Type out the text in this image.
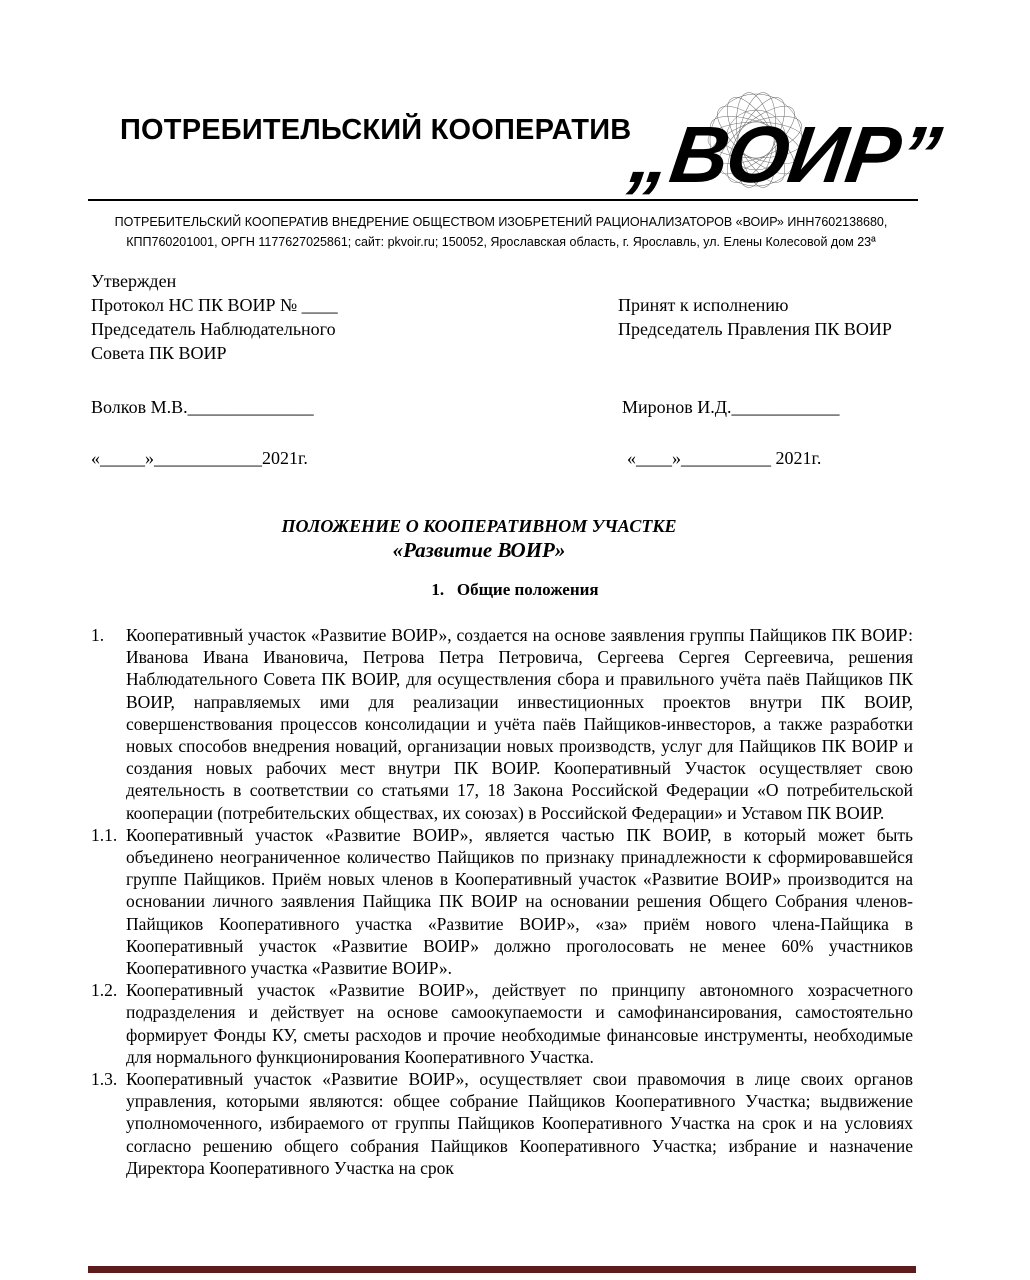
ПОТРЕБИТЕЛЬСКИЙ КООПЕРАТИВ
„ВОИР”
ПОТРЕБИТЕЛЬСКИЙ КООПЕРАТИВ ВНЕДРЕНИЕ ОБЩЕСТВОМ ИЗОБРЕТЕНИЙ РАЦИОНАЛИЗАТОРОВ «ВОИР» ИНН7602138680, КПП760201001, ОРГН 1177627025861; сайт: pkvoir.ru; 150052, Ярославская область, г. Ярославль, ул. Елены Колесовой дом 23ª
Утвержден
Протокол НС ПК ВОИР № ____
Председатель Наблюдательного
Совета ПК ВОИР
Принят к исполнению
Председатель Правления ПК ВОИР
Волков М.В.______________	Миронов И.Д.____________
«_____»____________2021г.	«____»__________ 2021г.
ПОЛОЖЕНИЕ О КООПЕРАТИВНОМ УЧАСТКЕ
«Развитие ВОИР»
1.   Общие положения
1.	Кооперативный участок «Развитие ВОИР», создается на основе заявления группы Пайщиков ПК ВОИР: Иванова Ивана Ивановича, Петрова Петра Петровича, Сергеева Сергея Сергеевича, решения Наблюдательного Совета ПК ВОИР, для осуществления сбора и правильного учёта паёв Пайщиков ПК ВОИР, направляемых ими для реализации инвестиционных проектов внутри ПК ВОИР, совершенствования процессов консолидации и учёта паёв Пайщиков-инвесторов, а также разработки новых способов внедрения новаций, организации новых производств, услуг для Пайщиков ПК ВОИР и создания новых рабочих мест внутри ПК ВОИР. Кооперативный Участок осуществляет свою деятельность в соответствии со статьями 17, 18 Закона Российской Федерации «О потребительской кооперации (потребительских обществах, их союзах) в Российской Федерации» и Уставом ПК ВОИР.
1.1. Кооперативный участок «Развитие ВОИР», является частью ПК ВОИР, в который может быть объединено неограниченное количество Пайщиков по признаку принадлежности к сформировавшейся группе Пайщиков. Приём новых членов в Кооперативный участок «Развитие ВОИР» производится на основании личного заявления Пайщика ПК ВОИР на основании решения Общего Собрания членов-Пайщиков Кооперативного участка «Развитие ВОИР», «за» приём нового члена-Пайщика в Кооперативный участок «Развитие ВОИР» должно проголосовать не менее 60% участников Кооперативного участка «Развитие ВОИР».
1.2. Кооперативный участок «Развитие ВОИР», действует по принципу автономного хозрасчетного подразделения и действует на основе самоокупаемости и самофинансирования, самостоятельно формирует Фонды КУ, сметы расходов и прочие необходимые финансовые инструменты, необходимые для нормального функционирования Кооперативного Участка.
1.3. Кооперативный участок «Развитие ВОИР», осуществляет свои правомочия в лице своих органов управления, которыми являются: общее собрание Пайщиков Кооперативного Участка; выдвижение уполномоченного, избираемого от группы Пайщиков Кооперативного Участка на срок и на условиях согласно решению общего собрания Пайщиков Кооперативного Участка; избрание и назначение Директора Кооперативного Участка на срок
